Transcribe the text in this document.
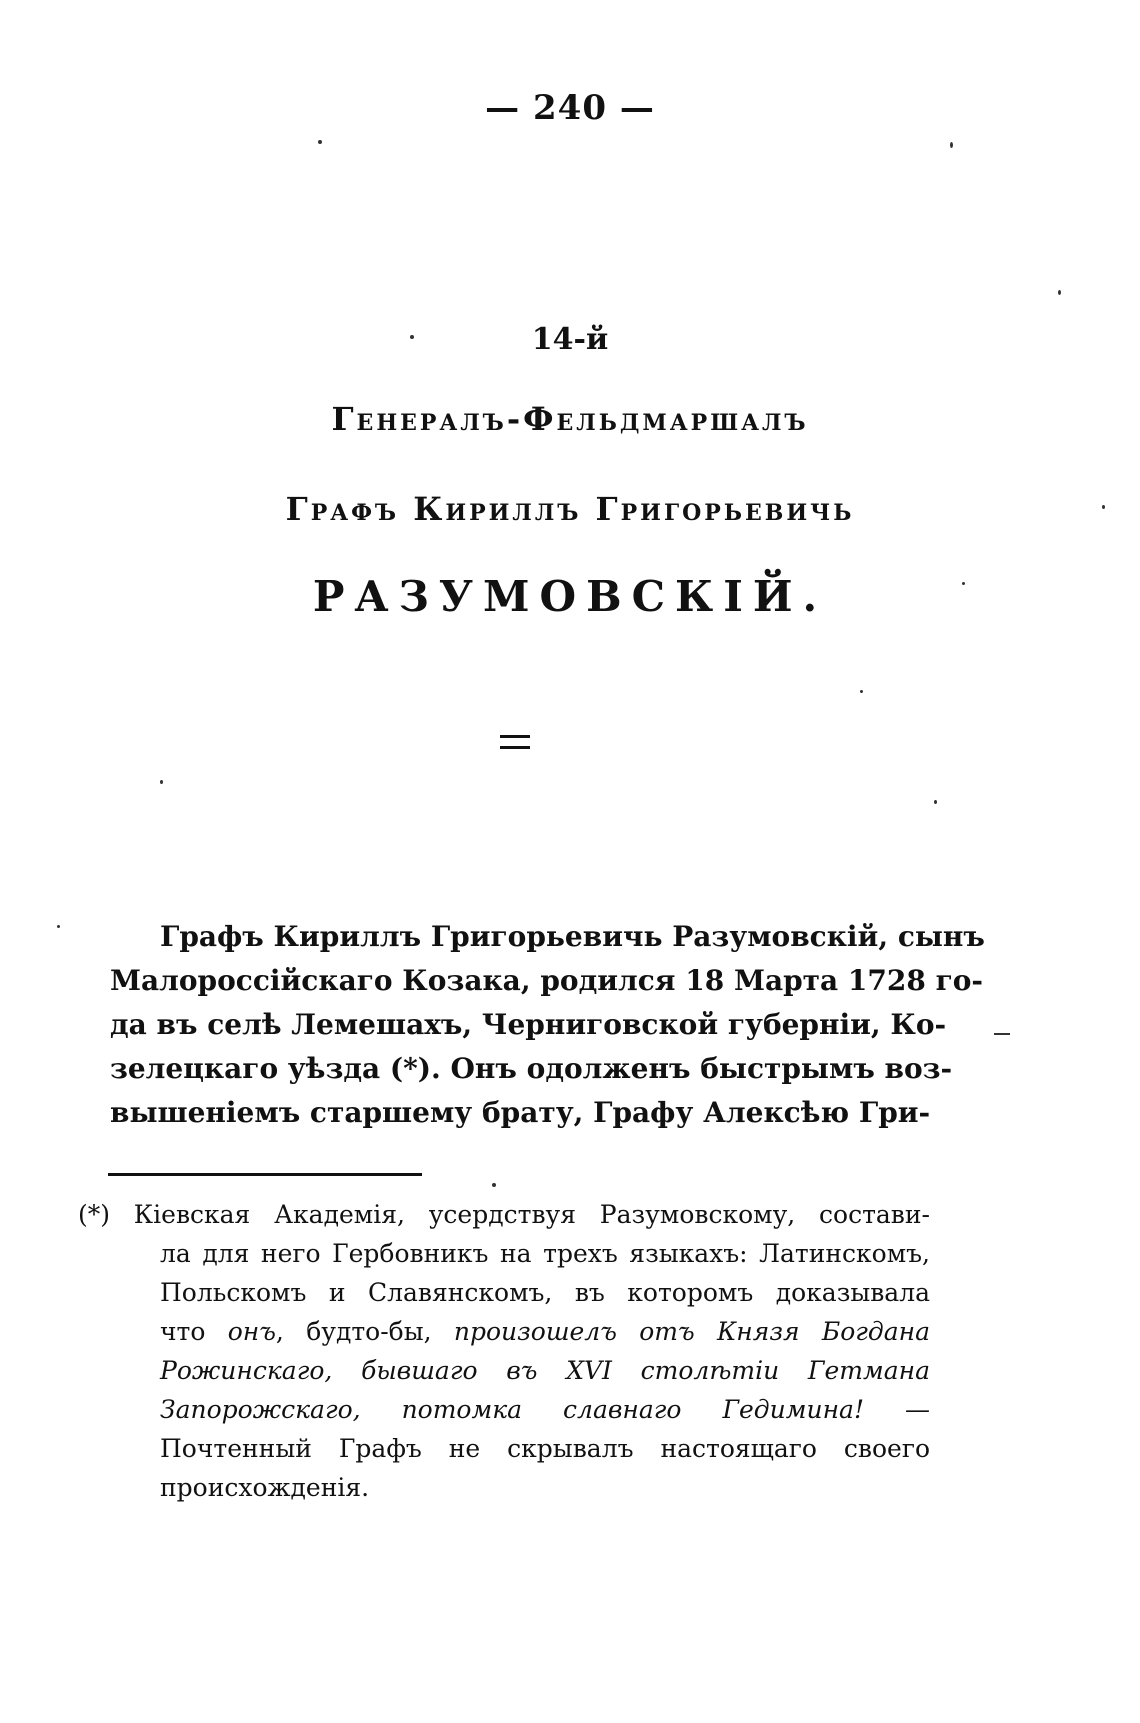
— 240 —
14-й
Генералъ-Фельдмаршалъ
Графъ Кириллъ Григорьевичь
РАЗУМОВСКІЙ.
Графъ Кириллъ Григорьевичь Разумовскій, сынъ
Малороссійскаго Козака, родился 18 Марта 1728 го-
да въ селѣ Лемешахъ, Черниговской губерніи, Ко-
зелецкаго уѣзда (*). Онъ одолженъ быстрымъ воз-
вышеніемъ старшему брату, Графу Алексѣю Гри-
(*) Кіевская Академія, усердствуя Разумовскому, состави-
ла для него Гербовникъ на трехъ языкахъ: Латинскомъ,
Польскомъ и Славянскомъ, въ которомъ доказывала
что онъ, будто-бы, произошелъ отъ Князя Богдана
Рожинскаго, бывшаго въ XVI столѣтіи Гетмана
Запорожскаго, потомка славнаго Гедимина! —
Почтенный Графъ не скрывалъ настоящаго своего
происхожденія.
